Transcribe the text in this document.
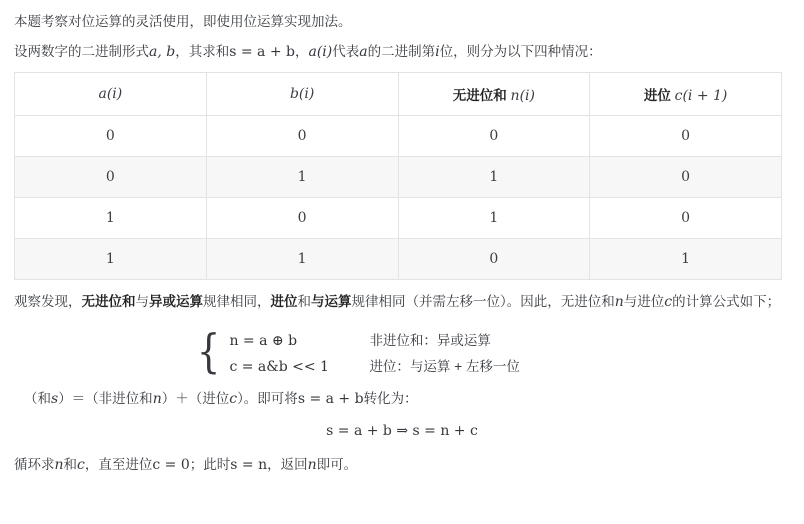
本题考察对位运算的灵活使用，即使用位运算实现加法。

设两数字的二进制形式a, b，其求和s = a + b，a(i)代表a的二进制第i位，则分为以下四种情况：

a(i)	b(i)	无进位和 n(i)	进位 c(i + 1)
0	0	0	0
0	1	1	0
1	0	1	0
1	1	0	1

观察发现，无进位和与异或运算规律相同，进位和与运算规律相同（并需左移一位）。因此，无进位和n与进位c的计算公式如下；

{ n = a ⊕ b	非进位和：异或运算
c = a&b << 1	进位：与运算 + 左移一位

（和s）＝（非进位和n）＋（进位c）。即可将s = a + b转化为：

s = a + b ⇒ s = n + c

循环求n和c，直至进位c = 0；此时s = n，返回n即可。
